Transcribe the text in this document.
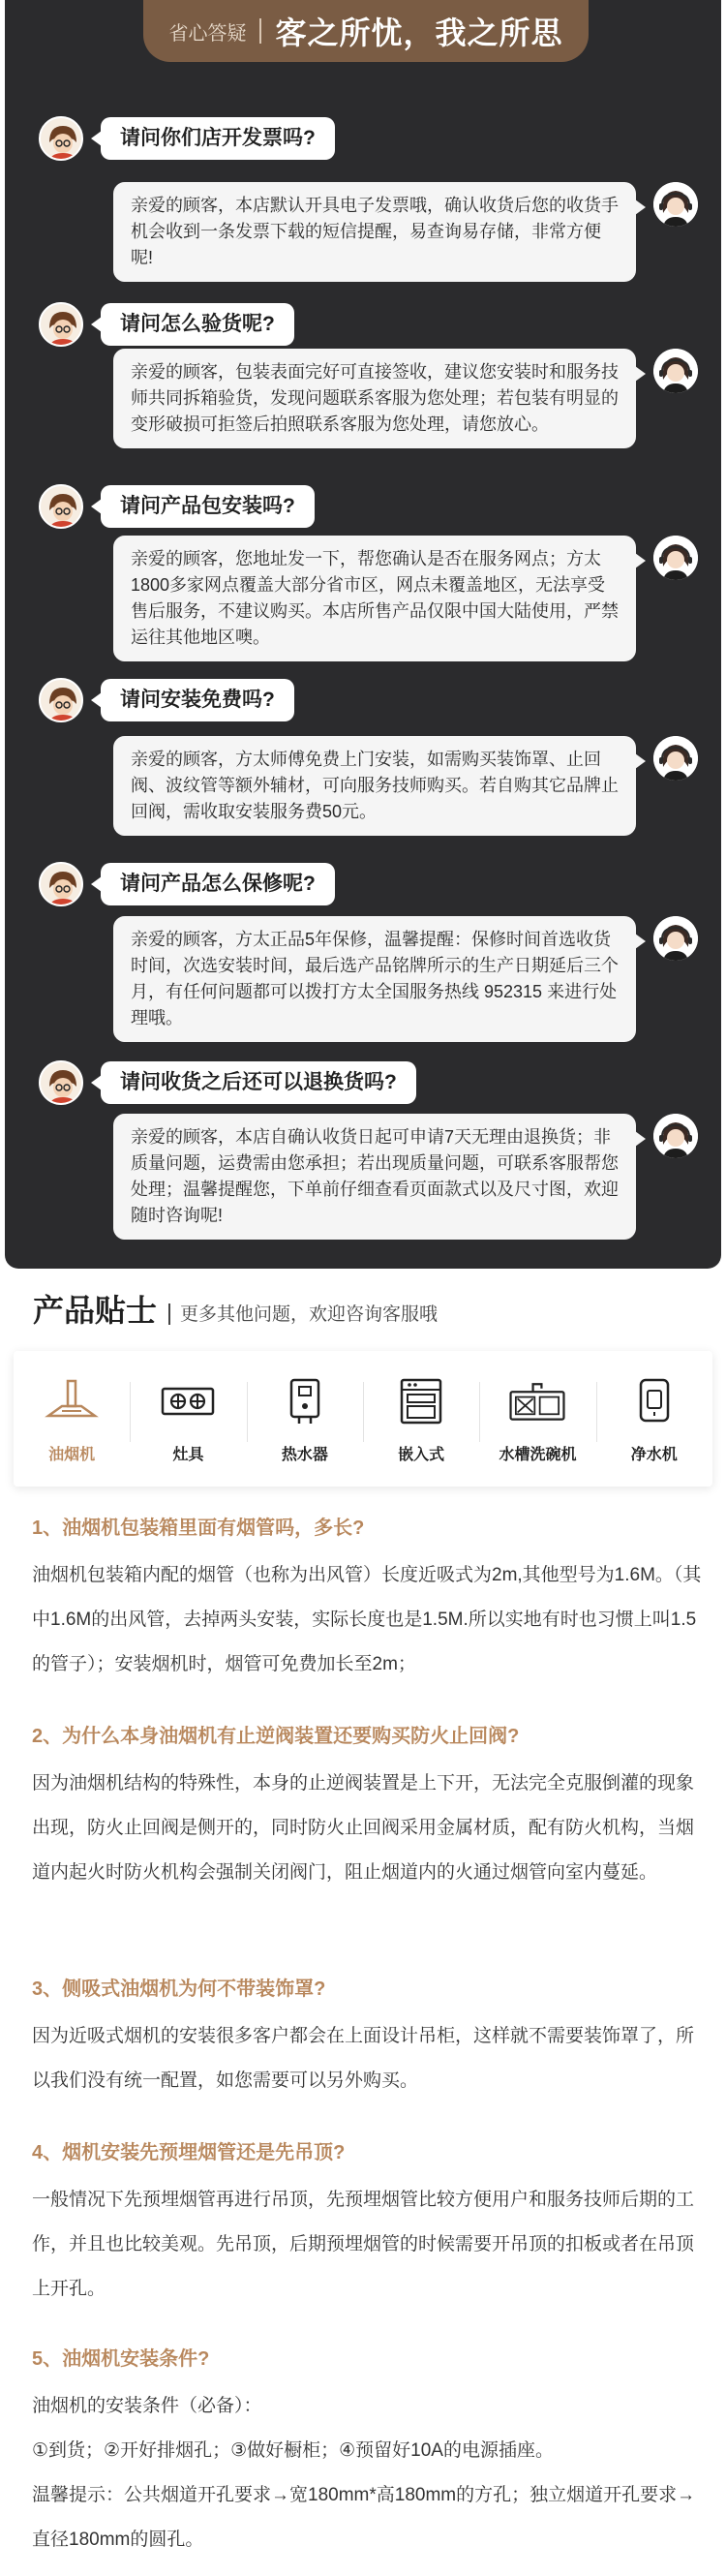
省心答疑 客之所忧，我之所思
请问你们店开发票吗?
亲爱的顾客，本店默认开具电子发票哦，确认收货后您的收货手机会收到一条发票下载的短信提醒，易查询易存储，非常方便呢!
请问怎么验货呢?
亲爱的顾客，包装表面完好可直接签收，建议您安装时和服务技师共同拆箱验货，发现问题联系客服为您处理；若包装有明显的变形破损可拒签后拍照联系客服为您处理，请您放心。
请问产品包安装吗?
亲爱的顾客，您地址发一下，帮您确认是否在服务网点；方太1800多家网点覆盖大部分省市区，网点未覆盖地区，无法享受售后服务，不建议购买。本店所售产品仅限中国大陆使用，严禁运往其他地区噢。
请问安装免费吗?
亲爱的顾客，方太师傅免费上门安装，如需购买装饰罩、止回阀、波纹管等额外辅材，可向服务技师购买。若自购其它品牌止回阀，需收取安装服务费50元。
请问产品怎么保修呢?
亲爱的顾客，方太正品5年保修，温馨提醒：保修时间首选收货时间，次选安装时间，最后选产品铭牌所示的生产日期延后三个月，有任何问题都可以拨打方太全国服务热线 952315 来进行处理哦。
请问收货之后还可以退换货吗?
亲爱的顾客，本店自确认收货日起可申请7天无理由退换货；非质量问题，运费需由您承担；若出现质量问题，可联系客服帮您处理；温馨提醒您，下单前仔细查看页面款式以及尺寸图，欢迎随时咨询呢!
产品贴士 更多其他问题，欢迎咨询客服哦
油烟机	灶具	热水器	嵌入式	水槽洗碗机	净水机
1、油烟机包装箱里面有烟管吗，多长?
油烟机包装箱内配的烟管（也称为出风管）长度近吸式为2m,其他型号为1.6M。（其中1.6M的出风管，去掉两头安装，实际长度也是1.5M.所以实地有时也习惯上叫1.5的管子）；安装烟机时，烟管可免费加长至2m；
2、为什么本身油烟机有止逆阀装置还要购买防火止回阀?
因为油烟机结构的特殊性，本身的止逆阀装置是上下开，无法完全克服倒灌的现象出现，防火止回阀是侧开的，同时防火止回阀采用金属材质，配有防火机构，当烟道内起火时防火机构会强制关闭阀门，阻止烟道内的火通过烟管向室内蔓延。
3、侧吸式油烟机为何不带装饰罩?
因为近吸式烟机的安装很多客户都会在上面设计吊柜，这样就不需要装饰罩了，所以我们没有统一配置，如您需要可以另外购买。
4、烟机安装先预埋烟管还是先吊顶?
一般情况下先预埋烟管再进行吊顶，先预埋烟管比较方便用户和服务技师后期的工作，并且也比较美观。先吊顶，后期预埋烟管的时候需要开吊顶的扣板或者在吊顶上开孔。
5、油烟机安装条件?
油烟机的安装条件（必备）：
①到货；②开好排烟孔；③做好橱柜；④预留好10A的电源插座。
温馨提示：公共烟道开孔要求→宽180mm*高180mm的方孔；独立烟道开孔要求→直径180mm的圆孔。
